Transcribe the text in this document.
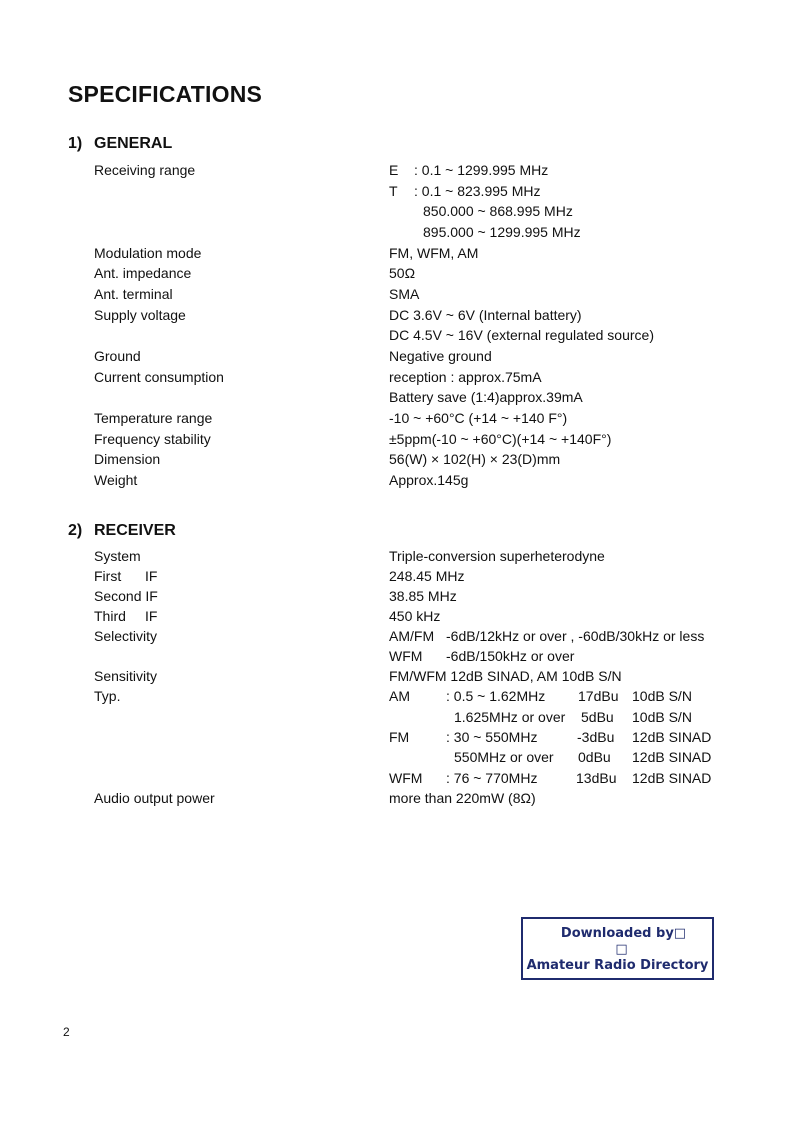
SPECIFICATIONS
1) GENERAL
Receiving range	E : 0.1 ~ 1299.995 MHz
T : 0.1 ~ 823.995 MHz
850.000 ~ 868.995 MHz
895.000 ~ 1299.995 MHz
Modulation mode	FM, WFM, AM
Ant. impedance	50Ω
Ant. terminal	SMA
Supply voltage	DC 3.6V ~ 6V (Internal battery)
DC 4.5V ~ 16V (external regulated source)
Ground	Negative ground
Current consumption	reception : approx.75mA
Battery save (1:4)approx.39mA
Temperature range	-10 ~ +60°C (+14 ~ +140 F°)
Frequency stability	±5ppm(-10 ~ +60°C)(+14 ~ +140F°)
Dimension	56(W) × 102(H) × 23(D)mm
Weight	Approx.145g
2) RECEIVER
System	Triple-conversion superheterodyne
First IF	248.45 MHz
Second IF	38.85 MHz
Third IF	450 kHz
Selectivity	AM/FM -6dB/12kHz or over , -60dB/30kHz or less
WFM -6dB/150kHz or over
Sensitivity	FM/WFM 12dB SINAD, AM 10dB S/N
Typ.	AM	: 0.5 ~ 1.62MHz 17dBu 10dB S/N
1.625MHz or over 5dBu 10dB S/N
FM	: 30 ~ 550MHz	-3dBu 12dB SINAD
550MHz or over 0dBu 12dB SINAD
WFM : 76 ~ 770MHz	13dBu 12dB SINAD
Audio output power	more than 220mW (8Ω)
Downloaded by□
□
Amateur Radio Directory
2
